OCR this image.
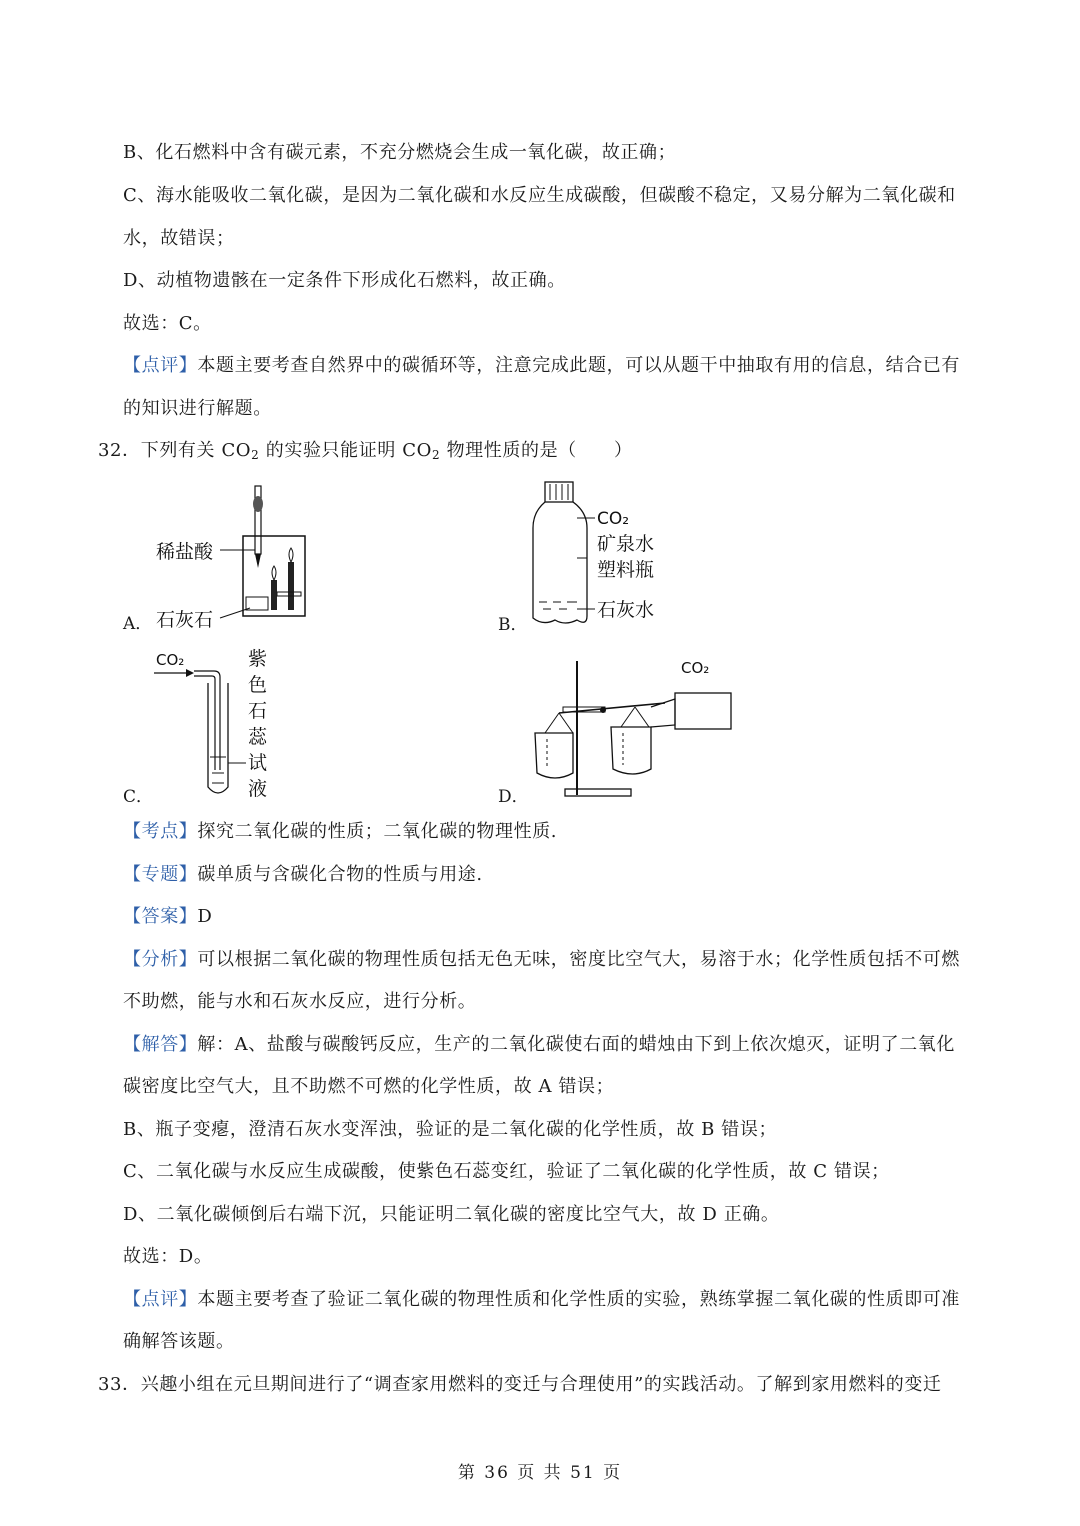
B、化石燃料中含有碳元素，不充分燃烧会生成一氧化碳，故正确；
C、海水能吸收二氧化碳，是因为二氧化碳和水反应生成碳酸，但碳酸不稳定，又易分解为二氧化碳和
水，故错误；
D、动植物遗骸在一定条件下形成化石燃料，故正确。
故选：C。
【点评】本题主要考查自然界中的碳循环等，注意完成此题，可以从题干中抽取有用的信息，结合已有
的知识进行解题。
32．下列有关 $CO_2$ 的实验只能证明 $CO_2$ 物理性质的是（　　）
A．
稀盐酸
石灰石	B．
CO₂
矿泉水
塑料瓶
石灰水
C．
CO₂	紫
色
石
蕊
试
液	D．
CO₂
【考点】探究二氧化碳的性质；二氧化碳的物理性质.
【专题】碳单质与含碳化合物的性质与用途.
【答案】D
【分析】可以根据二氧化碳的物理性质包括无色无味，密度比空气大，易溶于水；化学性质包括不可燃
不助燃，能与水和石灰水反应，进行分析。
【解答】解：A、盐酸与碳酸钙反应，生产的二氧化碳使右面的蜡烛由下到上依次熄灭，证明了二氧化
碳密度比空气大，且不助燃不可燃的化学性质，故 A 错误；
B、瓶子变瘪，澄清石灰水变浑浊，验证的是二氧化碳的化学性质，故 B 错误；
C、二氧化碳与水反应生成碳酸，使紫色石蕊变红，验证了二氧化碳的化学性质，故 C 错误；
D、二氧化碳倾倒后右端下沉，只能证明二氧化碳的密度比空气大，故 D 正确。
故选：D。
【点评】本题主要考查了验证二氧化碳的物理性质和化学性质的实验，熟练掌握二氧化碳的性质即可准
确解答该题。
33．兴趣小组在元旦期间进行了“调查家用燃料的变迁与合理使用”的实践活动。了解到家用燃料的变迁
第 36 页 共 51 页
